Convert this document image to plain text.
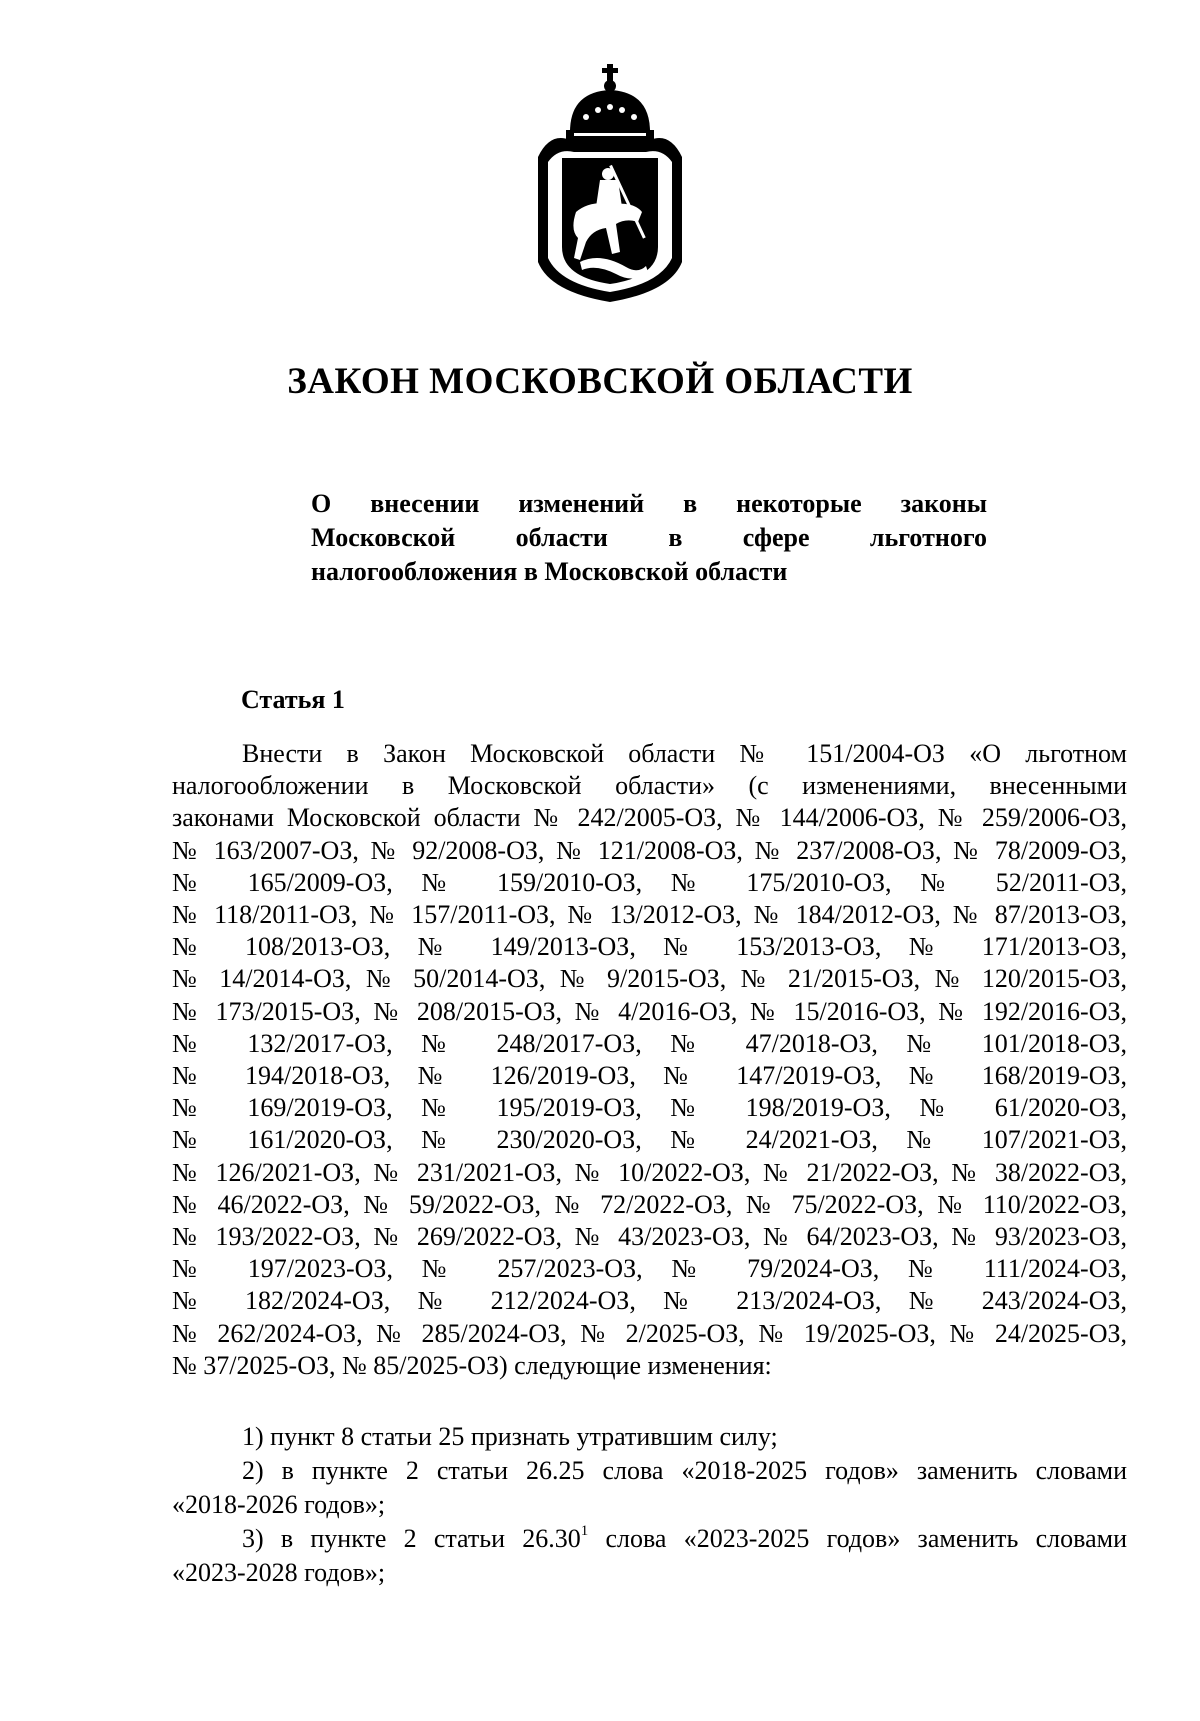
ЗАКОН МОСКОВСКОЙ ОБЛАСТИ
О внесении изменений в некоторые законы
Московской области в сфере льготного
налогообложения в Московской области
Статья 1
Внести в Закон Московской области № 151/2004-ОЗ «О льготном
налогообложении в Московской области» (с изменениями, внесенными
законами Московской области № 242/2005-ОЗ, № 144/2006-ОЗ, № 259/2006-ОЗ,
№ 163/2007-ОЗ, № 92/2008-ОЗ, № 121/2008-ОЗ, № 237/2008-ОЗ, № 78/2009-ОЗ,
№ 165/2009-ОЗ, № 159/2010-ОЗ, № 175/2010-ОЗ, № 52/2011-ОЗ,
№ 118/2011-ОЗ, № 157/2011-ОЗ, № 13/2012-ОЗ, № 184/2012-ОЗ, № 87/2013-ОЗ,
№ 108/2013-ОЗ, № 149/2013-ОЗ, № 153/2013-ОЗ, № 171/2013-ОЗ,
№ 14/2014-ОЗ, № 50/2014-ОЗ, № 9/2015-ОЗ, № 21/2015-ОЗ, № 120/2015-ОЗ,
№ 173/2015-ОЗ, № 208/2015-ОЗ, № 4/2016-ОЗ, № 15/2016-ОЗ, № 192/2016-ОЗ,
№ 132/2017-ОЗ, № 248/2017-ОЗ, № 47/2018-ОЗ, № 101/2018-ОЗ,
№ 194/2018-ОЗ, № 126/2019-ОЗ, № 147/2019-ОЗ, № 168/2019-ОЗ,
№ 169/2019-ОЗ, № 195/2019-ОЗ, № 198/2019-ОЗ, № 61/2020-ОЗ,
№ 161/2020-ОЗ, № 230/2020-ОЗ, № 24/2021-ОЗ, № 107/2021-ОЗ,
№ 126/2021-ОЗ, № 231/2021-ОЗ, № 10/2022-ОЗ, № 21/2022-ОЗ, № 38/2022-ОЗ,
№ 46/2022-ОЗ, № 59/2022-ОЗ, № 72/2022-ОЗ, № 75/2022-ОЗ, № 110/2022-ОЗ,
№ 193/2022-ОЗ, № 269/2022-ОЗ, № 43/2023-ОЗ, № 64/2023-ОЗ, № 93/2023-ОЗ,
№ 197/2023-ОЗ, № 257/2023-ОЗ, № 79/2024-ОЗ, № 111/2024-ОЗ,
№ 182/2024-ОЗ, № 212/2024-ОЗ, № 213/2024-ОЗ, № 243/2024-ОЗ,
№ 262/2024-ОЗ, № 285/2024-ОЗ, № 2/2025-ОЗ, № 19/2025-ОЗ, № 24/2025-ОЗ,
№ 37/2025-ОЗ, № 85/2025-ОЗ) следующие изменения:
1) пункт 8 статьи 25 признать утратившим силу;
2) в пункте 2 статьи 26.25 слова «2018-2025 годов» заменить словами
«2018-2026 годов»;
3) в пункте 2 статьи 26.30$^1$ слова «2023-2025 годов» заменить словами
«2023-2028 годов»;
